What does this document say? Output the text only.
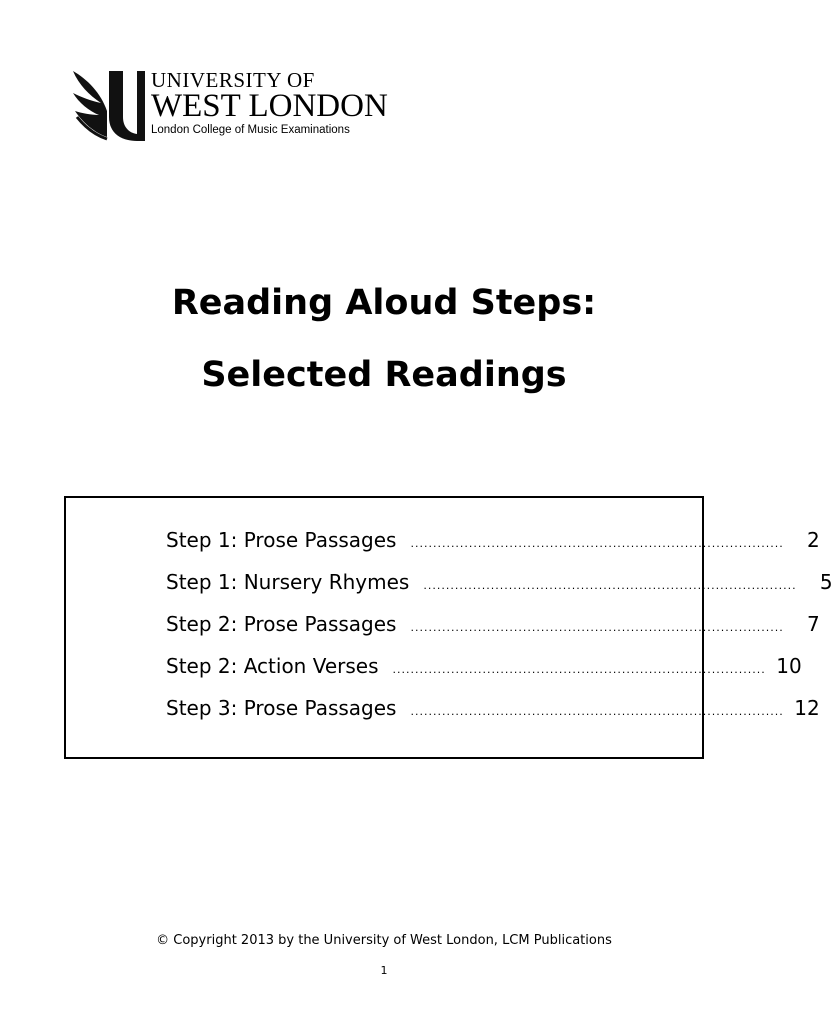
UNIVERSITY OF
WEST LONDON
London College of Music Examinations
Reading Aloud Steps:
Selected Readings
Step 1: Prose Passages ...................................................................................	2
Step 1: Nursery Rhymes ...................................................................................	5
Step 2: Prose Passages ...................................................................................	7
Step 2: Action Verses ................................................................................... 10
Step 3: Prose Passages ................................................................................... 12
© Copyright 2013 by the University of West London, LCM Publications
1
